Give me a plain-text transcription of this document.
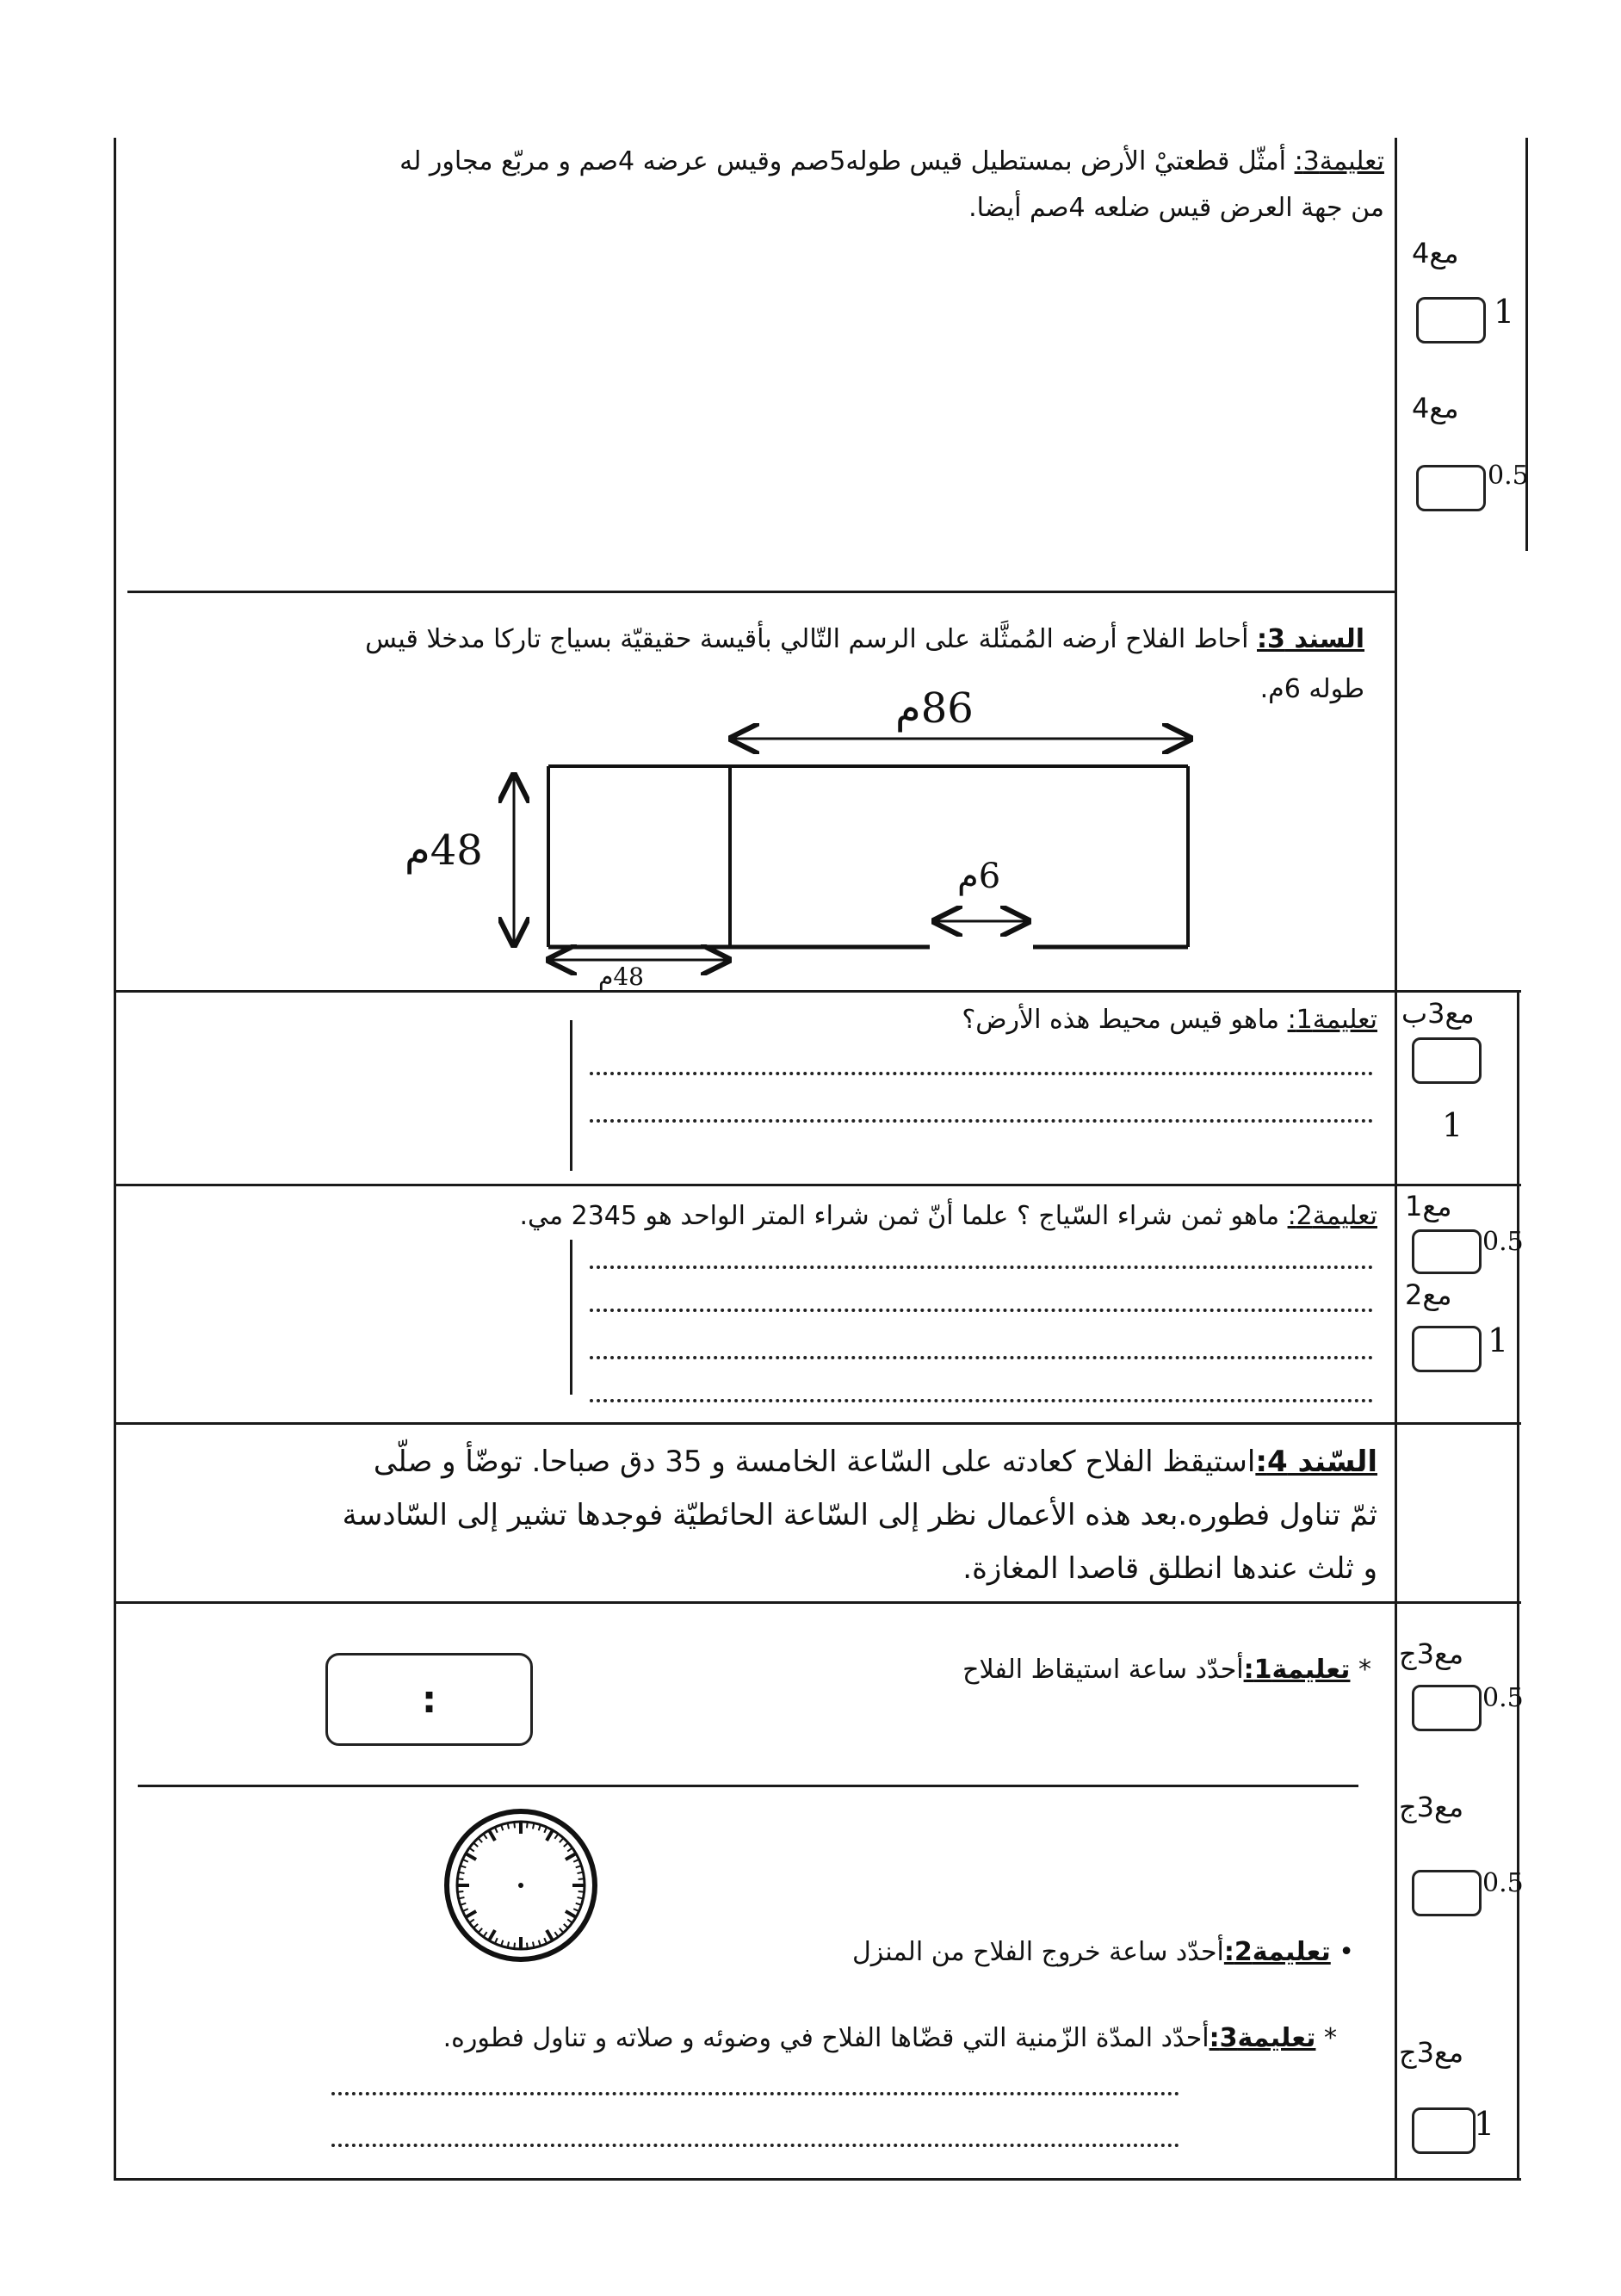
تعليمة3: أمثّل قطعتيْ الأرض بمستطيل قيس طوله5صم وقيس عرضه 4صم و مربّع مجاور له
من جهة العرض قيس ضلعه 4صم أيضا.
مع4
1
مع4
0.5
السند 3: أحاط الفلاح أرضه المُمثَّلة على الرسم التّالي بأقيسة حقيقيّة بسياج تاركا مدخلا قيس
طوله 6م.
86م
48م
6م
48م
تعليمة1: ماهو قيس محيط هذه الأرض؟	مع3ب
1
تعليمة2: ماهو ثمن شراء السّياج ؟ علما أنّ ثمن شراء المتر الواحد هو 2345 مي.	مع1
0.5
مع2
1
السّند 4:استيقظ الفلاح كعادته على السّاعة الخامسة و 35 دق صباحا. توضّأ و صلّى
ثمّ تناول فطوره.بعد هذه الأعمال نظر إلى السّاعة الحائطيّة فوجدها تشير إلى السّادسة
و ثلث عندها انطلق قاصدا المغازة.
* تعليمة1:أحدّد ساعة استيقاظ الفلاح
:
مع3ج
0.5
• تعليمة2:أحدّد ساعة خروج الفلاح من المنزل
مع3ج
0.5
* تعليمة3:أحدّد المدّة الزّمنية التي قضّاها الفلاح في وضوئه و صلاته و تناول فطوره.	مع3ج
1
